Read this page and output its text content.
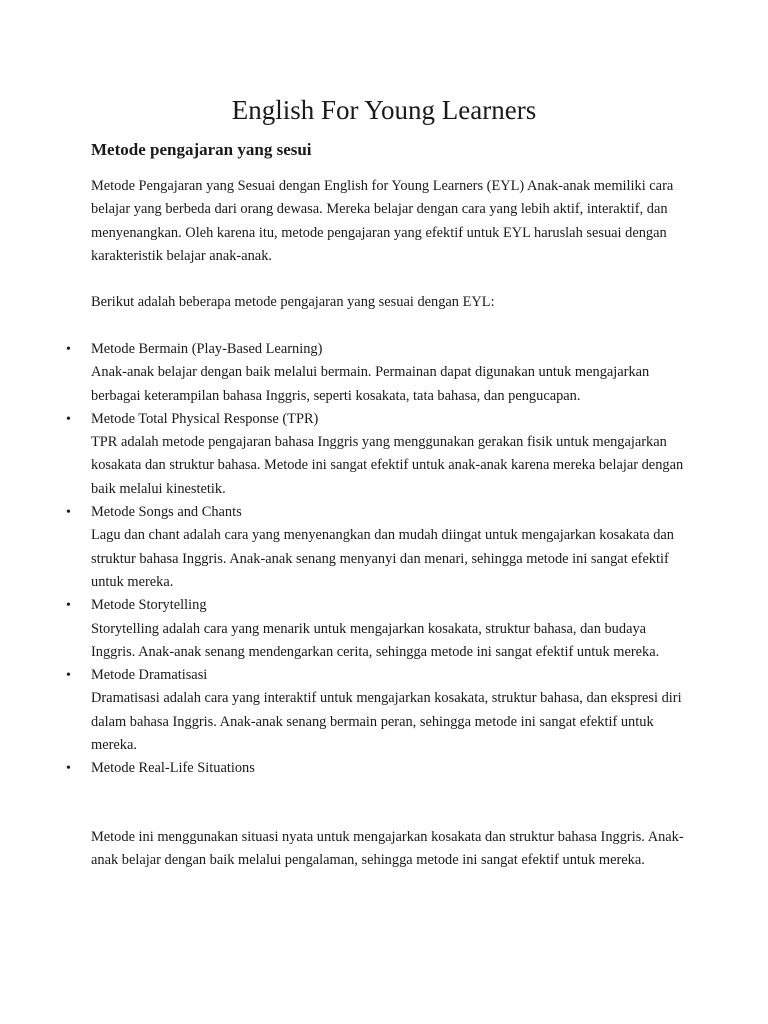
English For Young Learners
Metode pengajaran yang sesui

Metode Pengajaran yang Sesuai dengan English for Young Learners (EYL) Anak-anak memiliki cara belajar yang berbeda dari orang dewasa. Mereka belajar dengan cara yang lebih aktif, interaktif, dan menyenangkan. Oleh karena itu, metode pengajaran yang efektif untuk EYL haruslah sesuai dengan karakteristik belajar anak-anak.

Berikut adalah beberapa metode pengajaran yang sesuai dengan EYL:

•	Metode Bermain (Play-Based Learning)
Anak-anak belajar dengan baik melalui bermain. Permainan dapat digunakan untuk mengajarkan berbagai keterampilan bahasa Inggris, seperti kosakata, tata bahasa, dan pengucapan.
•	Metode Total Physical Response (TPR)
TPR adalah metode pengajaran bahasa Inggris yang menggunakan gerakan fisik untuk mengajarkan kosakata dan struktur bahasa. Metode ini sangat efektif untuk anak-anak karena mereka belajar dengan baik melalui kinestetik.
•	Metode Songs and Chants
Lagu dan chant adalah cara yang menyenangkan dan mudah diingat untuk mengajarkan kosakata dan struktur bahasa Inggris. Anak-anak senang menyanyi dan menari, sehingga metode ini sangat efektif untuk mereka.
•	Metode Storytelling
Storytelling adalah cara yang menarik untuk mengajarkan kosakata, struktur bahasa, dan budaya Inggris. Anak-anak senang mendengarkan cerita, sehingga metode ini sangat efektif untuk mereka.
•	Metode Dramatisasi
Dramatisasi adalah cara yang interaktif untuk mengajarkan kosakata, struktur bahasa, dan ekspresi diri dalam bahasa Inggris. Anak-anak senang bermain peran, sehingga metode ini sangat efektif untuk mereka.
•	Metode Real-Life Situations

Metode ini menggunakan situasi nyata untuk mengajarkan kosakata dan struktur bahasa Inggris. Anak-anak belajar dengan baik melalui pengalaman, sehingga metode ini sangat efektif untuk mereka.
